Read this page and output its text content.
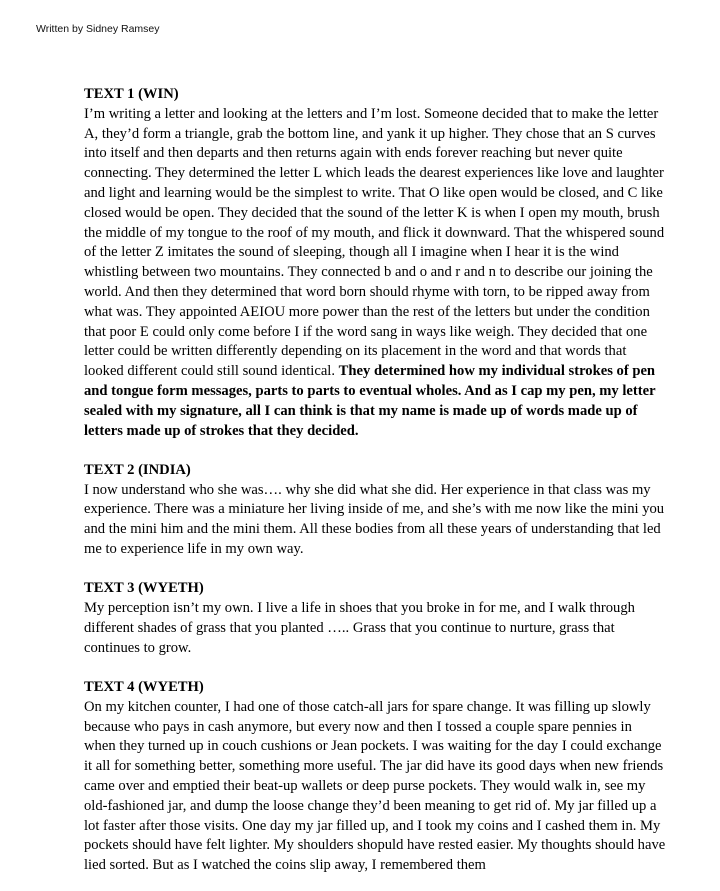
Written by Sidney Ramsey

TEXT 1 (WIN)

I’m writing a letter and looking at the letters and I’m lost. Someone decided that to make the letter A, they’d form a triangle, grab the bottom line, and yank it up higher. They chose that an S curves into itself and then departs and then returns again with ends forever reaching but never quite connecting. They determined the letter L which leads the dearest experiences like love and laughter and light and learning would be the simplest to write. That O like open would be closed, and C like closed would be open. They decided that the sound of the letter K is when I open my mouth, brush the middle of my tongue to the roof of my mouth, and flick it downward. That the whispered sound of the letter Z imitates the sound of sleeping, though all I imagine when I hear it is the wind whistling between two mountains. They connected b and o and r and n to describe our joining the world. And then they determined that word born should rhyme with torn, to be ripped away from what was. They appointed AEIOU more power than the rest of the letters but under the condition that poor E could only come before I if the word sang in ways like weigh. They decided that one letter could be written differently depending on its placement in the word and that words that looked different could still sound identical. They determined how my individual strokes of pen and tongue form messages, parts to parts to eventual wholes. And as I cap my pen, my letter sealed with my signature, all I can think is that my name is made up of words made up of letters made up of strokes that they decided.

TEXT 2 (INDIA)

I now understand who she was…. why she did what she did. Her experience in that class was my experience. There was a miniature her living inside of me, and she’s with me now like the mini you and the mini him and the mini them. All these bodies from all these years of understanding that led me to experience life in my own way.

TEXT 3 (WYETH)

My perception isn’t my own. I live a life in shoes that you broke in for me, and I walk through different shades of grass that you planted ….. Grass that you continue to nurture, grass that continues to grow.

TEXT 4 (WYETH)

On my kitchen counter, I had one of those catch-all jars for spare change. It was filling up slowly because who pays in cash anymore, but every now and then I tossed a couple spare pennies in when they turned up in couch cushions or Jean pockets. I was waiting for the day I could exchange it all for something better, something more useful. The jar did have its good days when new friends came over and emptied their beat-up wallets or deep purse pockets. They would walk in, see my old-fashioned jar, and dump the loose change they’d been meaning to get rid of. My jar filled up a lot faster after those visits. One day my jar filled up, and I took my coins and I cashed them in. My pockets should have felt lighter. My shoulders shopuld have rested easier. My thoughts should have lied sorted. But as I watched the coins slip away, I remembered them
